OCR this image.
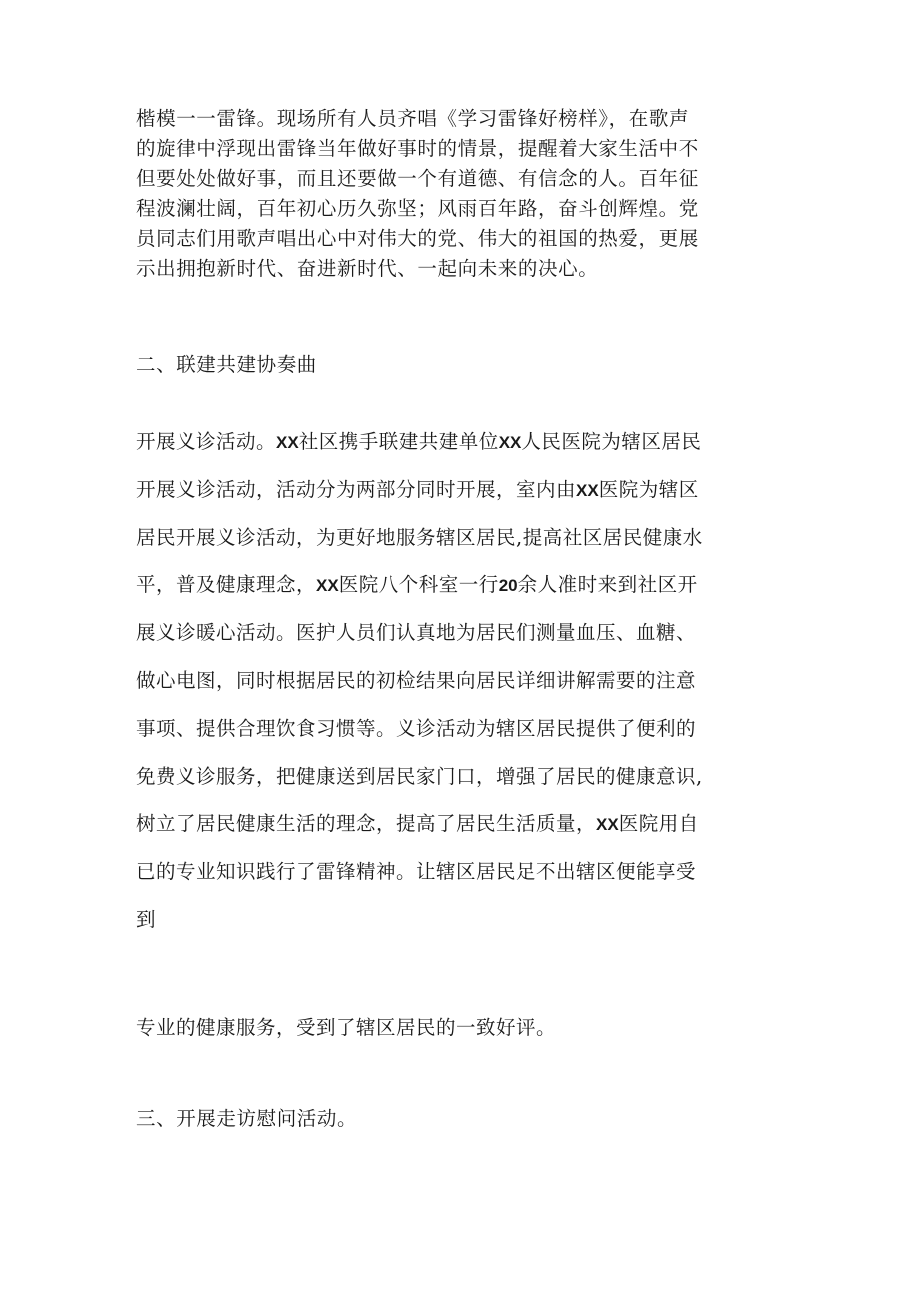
楷模一一雷锋。现场所有人员齐唱《学习雷锋好榜样》，在歌声
的旋律中浮现出雷锋当年做好事时的情景，提醒着大家生活中不
但要处处做好事，而且还要做一个有道德、有信念的人。百年征
程波澜壮阔，百年初心历久弥坚；风雨百年路，奋斗创辉煌。党
员同志们用歌声唱出心中对伟大的党、伟大的祖国的热爱，更展
示出拥抱新时代、奋进新时代、一起向未来的决心。
二、联建共建协奏曲
开展义诊活动。XX社区携手联建共建单位XX人民医院为辖区居民
开展义诊活动，活动分为两部分同时开展，室内由XX医院为辖区
居民开展义诊活动，为更好地服务辖区居民,提高社区居民健康水
平，普及健康理念，XX医院八个科室一行20余人准时来到社区开
展义诊暖心活动。医护人员们认真地为居民们测量血压、血糖、
做心电图，同时根据居民的初检结果向居民详细讲解需要的注意
事项、提供合理饮食习惯等。义诊活动为辖区居民提供了便利的
免费义诊服务，把健康送到居民家门口，增强了居民的健康意识,
树立了居民健康生活的理念，提高了居民生活质量，XX医院用自
已的专业知识践行了雷锋精神。让辖区居民足不出辖区便能享受
到
专业的健康服务，受到了辖区居民的一致好评。
三、开展走访慰问活动。
